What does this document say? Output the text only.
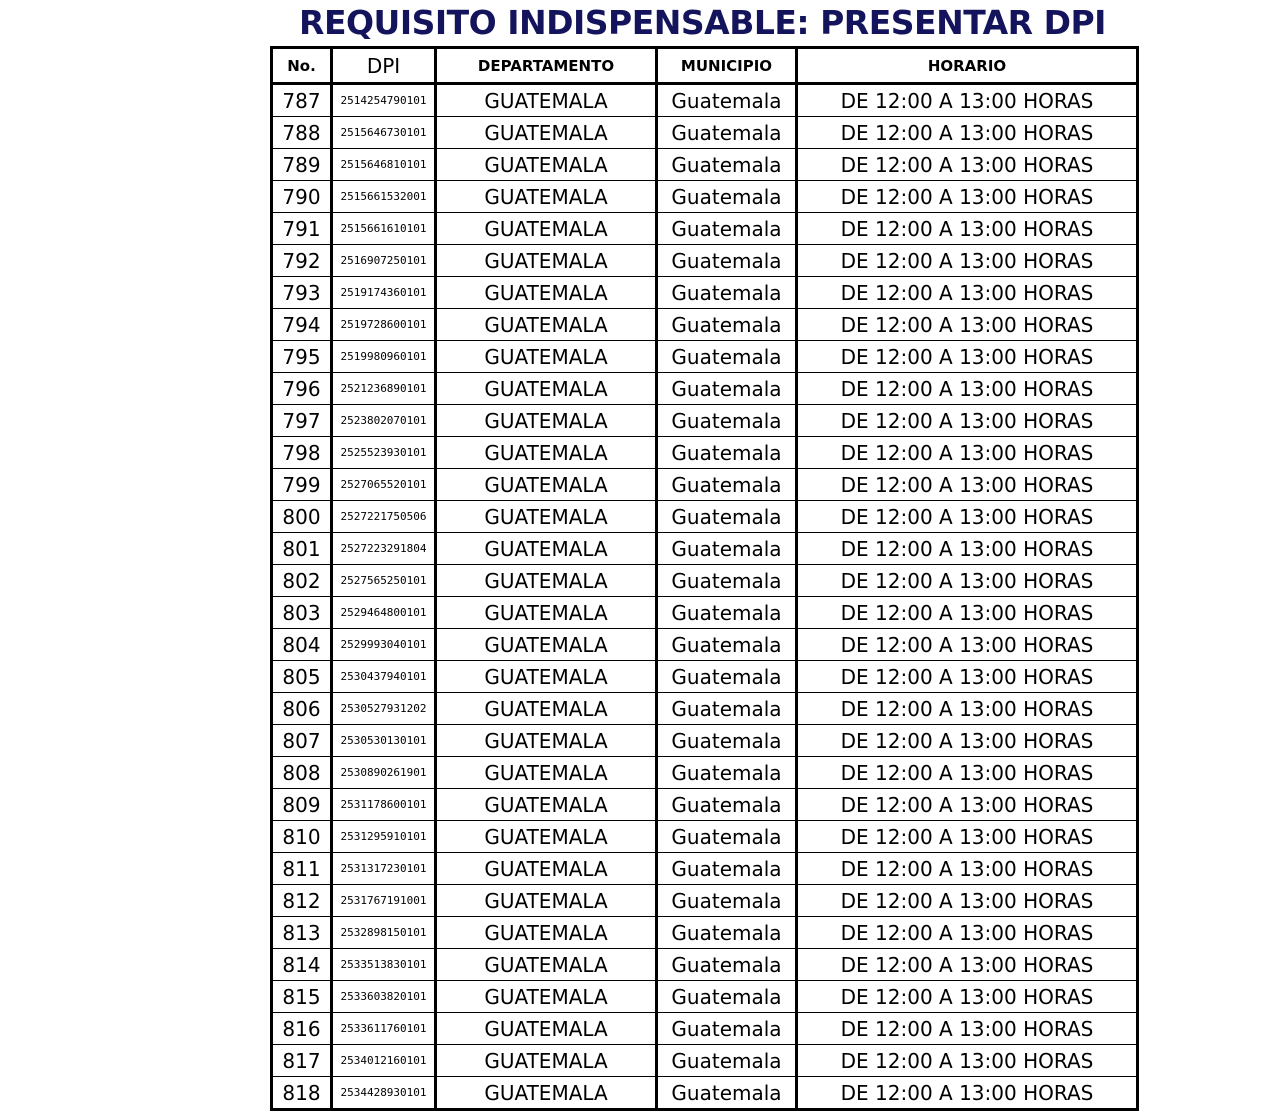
REQUISITO INDISPENSABLE: PRESENTAR DPI
No.	DPI	DEPARTAMENTO	MUNICIPIO	HORARIO
787	2514254790101	GUATEMALA	Guatemala	DE 12:00 A 13:00 HORAS
788	2515646730101	GUATEMALA	Guatemala	DE 12:00 A 13:00 HORAS
789	2515646810101	GUATEMALA	Guatemala	DE 12:00 A 13:00 HORAS
790	2515661532001	GUATEMALA	Guatemala	DE 12:00 A 13:00 HORAS
791	2515661610101	GUATEMALA	Guatemala	DE 12:00 A 13:00 HORAS
792	2516907250101	GUATEMALA	Guatemala	DE 12:00 A 13:00 HORAS
793	2519174360101	GUATEMALA	Guatemala	DE 12:00 A 13:00 HORAS
794	2519728600101	GUATEMALA	Guatemala	DE 12:00 A 13:00 HORAS
795	2519980960101	GUATEMALA	Guatemala	DE 12:00 A 13:00 HORAS
796	2521236890101	GUATEMALA	Guatemala	DE 12:00 A 13:00 HORAS
797	2523802070101	GUATEMALA	Guatemala	DE 12:00 A 13:00 HORAS
798	2525523930101	GUATEMALA	Guatemala	DE 12:00 A 13:00 HORAS
799	2527065520101	GUATEMALA	Guatemala	DE 12:00 A 13:00 HORAS
800	2527221750506	GUATEMALA	Guatemala	DE 12:00 A 13:00 HORAS
801	2527223291804	GUATEMALA	Guatemala	DE 12:00 A 13:00 HORAS
802	2527565250101	GUATEMALA	Guatemala	DE 12:00 A 13:00 HORAS
803	2529464800101	GUATEMALA	Guatemala	DE 12:00 A 13:00 HORAS
804	2529993040101	GUATEMALA	Guatemala	DE 12:00 A 13:00 HORAS
805	2530437940101	GUATEMALA	Guatemala	DE 12:00 A 13:00 HORAS
806	2530527931202	GUATEMALA	Guatemala	DE 12:00 A 13:00 HORAS
807	2530530130101	GUATEMALA	Guatemala	DE 12:00 A 13:00 HORAS
808	2530890261901	GUATEMALA	Guatemala	DE 12:00 A 13:00 HORAS
809	2531178600101	GUATEMALA	Guatemala	DE 12:00 A 13:00 HORAS
810	2531295910101	GUATEMALA	Guatemala	DE 12:00 A 13:00 HORAS
811	2531317230101	GUATEMALA	Guatemala	DE 12:00 A 13:00 HORAS
812	2531767191001	GUATEMALA	Guatemala	DE 12:00 A 13:00 HORAS
813	2532898150101	GUATEMALA	Guatemala	DE 12:00 A 13:00 HORAS
814	2533513830101	GUATEMALA	Guatemala	DE 12:00 A 13:00 HORAS
815	2533603820101	GUATEMALA	Guatemala	DE 12:00 A 13:00 HORAS
816	2533611760101	GUATEMALA	Guatemala	DE 12:00 A 13:00 HORAS
817	2534012160101	GUATEMALA	Guatemala	DE 12:00 A 13:00 HORAS
818	2534428930101	GUATEMALA	Guatemala	DE 12:00 A 13:00 HORAS
